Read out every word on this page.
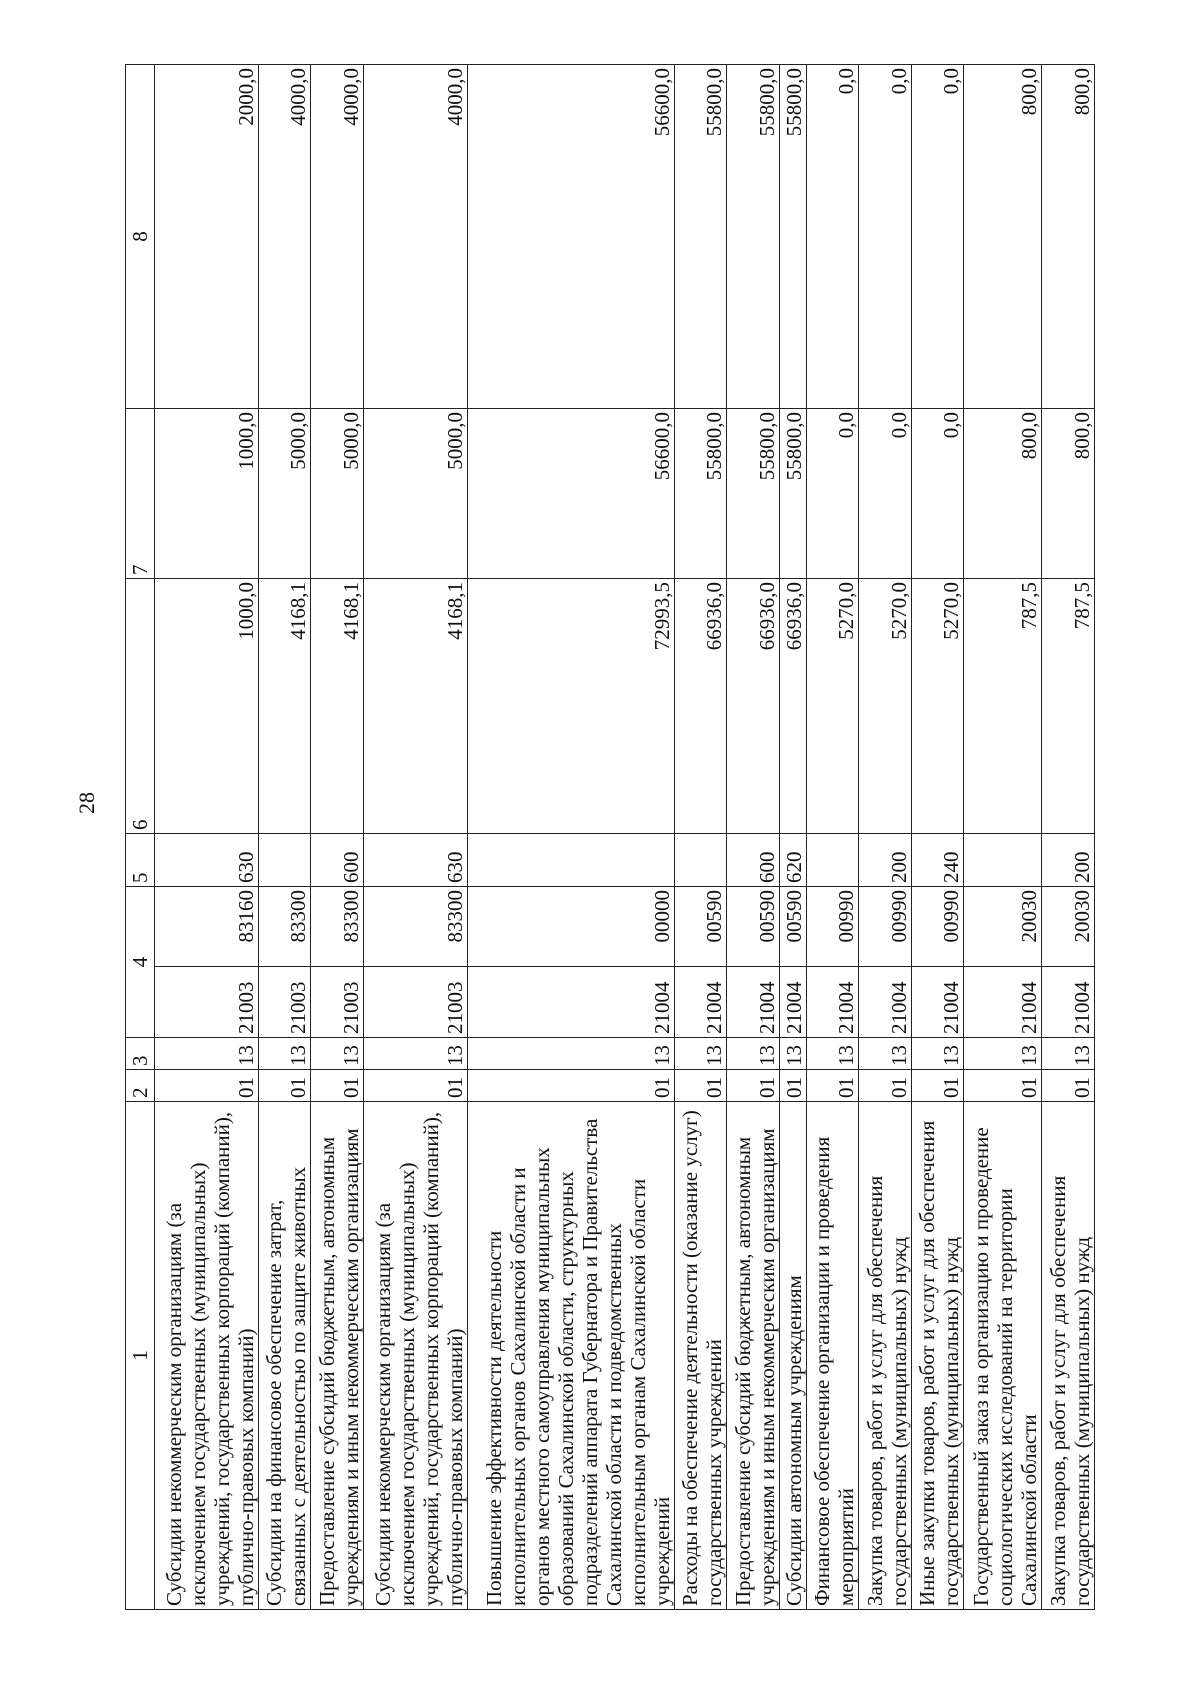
28
1	2	3	4		5	6	7	8
Субсидии некоммерческим организациям (за исключением государственных (муниципальных) учреждений, государственных корпораций (компаний), публично-правовых компаний)	01	13	21003	83160	630	1000,0	1000,0	2000,0
Субсидии на финансовое обеспечение затрат, связанных с деятельностью по защите животных	01	13	21003	83300		4168,1	5000,0	4000,0
Предоставление субсидий бюджетным, автономным учреждениям и иным некоммерческим организациям	01	13	21003	83300	600	4168,1	5000,0	4000,0
Субсидии некоммерческим организациям (за исключением государственных (муниципальных) учреждений, государственных корпораций (компаний), публично-правовых компаний)	01	13	21003	83300	630	4168,1	5000,0	4000,0
Повышение эффективности деятельности исполнительных органов Сахалинской области и органов местного самоуправления муниципальных образований Сахалинской области, структурных подразделений аппарата Губернатора и Правительства Сахалинской области и подведомственных исполнительным органам Сахалинской области учреждений	01	13	21004	00000		72993,5	56600,0	56600,0
Расходы на обеспечение деятельности (оказание услуг) государственных учреждений	01	13	21004	00590		66936,0	55800,0	55800,0
Предоставление субсидий бюджетным, автономным учреждениям и иным некоммерческим организациям	01	13	21004	00590	600	66936,0	55800,0	55800,0
Субсидии автономным учреждениям	01	13	21004	00590	620	66936,0	55800,0	55800,0
Финансовое обеспечение организации и проведения мероприятий	01	13	21004	00990		5270,0	0,0	0,0
Закупка товаров, работ и услуг для обеспечения государственных (муниципальных) нужд	01	13	21004	00990	200	5270,0	0,0	0,0
Иные закупки товаров, работ и услуг для обеспечения государственных (муниципальных) нужд	01	13	21004	00990	240	5270,0	0,0	0,0
Государственный заказ на организацию и проведение социологических исследований на территории Сахалинской области	01	13	21004	20030		787,5	800,0	800,0
Закупка товаров, работ и услуг для обеспечения государственных (муниципальных) нужд	01	13	21004	20030	200	787,5	800,0	800,0
